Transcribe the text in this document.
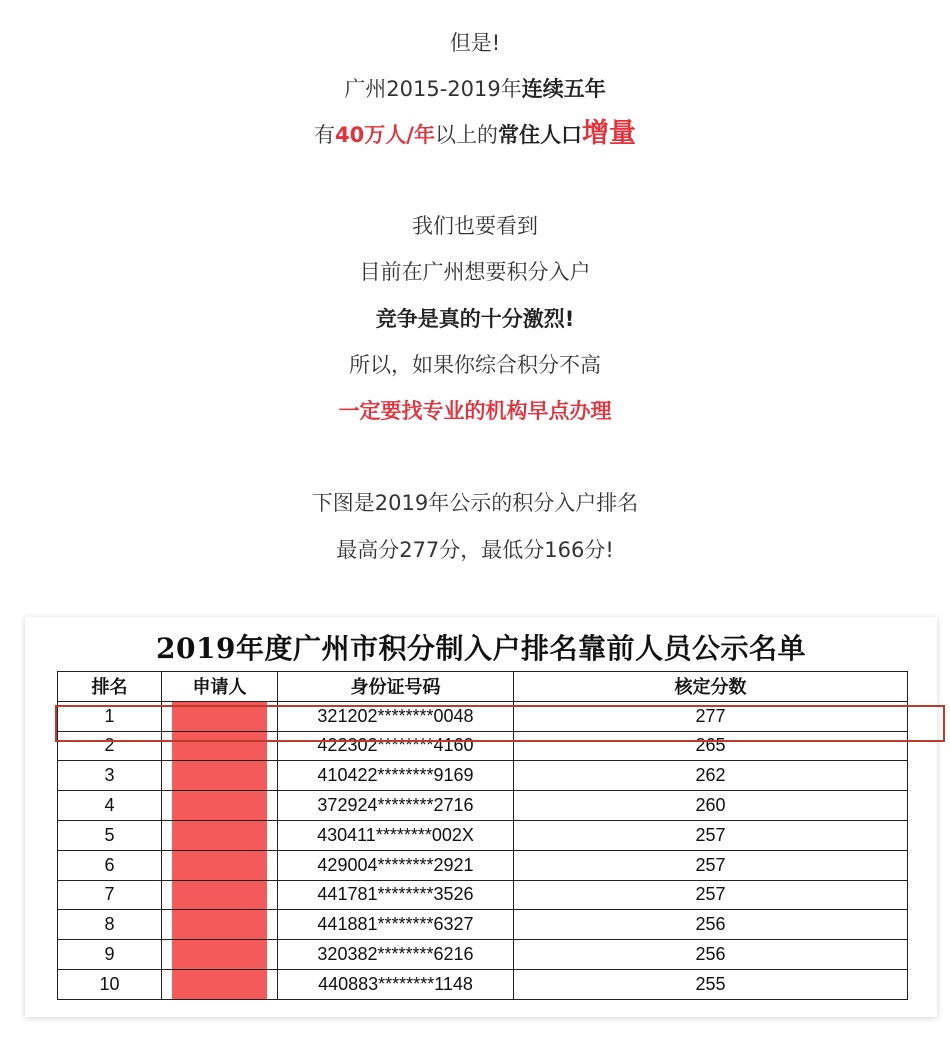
但是!
广州2015-2019年连续五年
有40万人/年以上的常住人口增量
我们也要看到
目前在广州想要积分入户
竞争是真的十分激烈!
所以，如果你综合积分不高
一定要找专业的机构早点办理
下图是2019年公示的积分入户排名
最高分277分，最低分166分!
2019年度广州市积分制入户排名靠前人员公示名单
排名	申请人	身份证号码	核定分数
1		321202********0048	277
2		422302********4160	265
3		410422********9169	262
4		372924********2716	260
5		430411********002X	257
6		429004********2921	257
7		441781********3526	257
8		441881********6327	256
9		320382********6216	256
10		440883********1148	255
